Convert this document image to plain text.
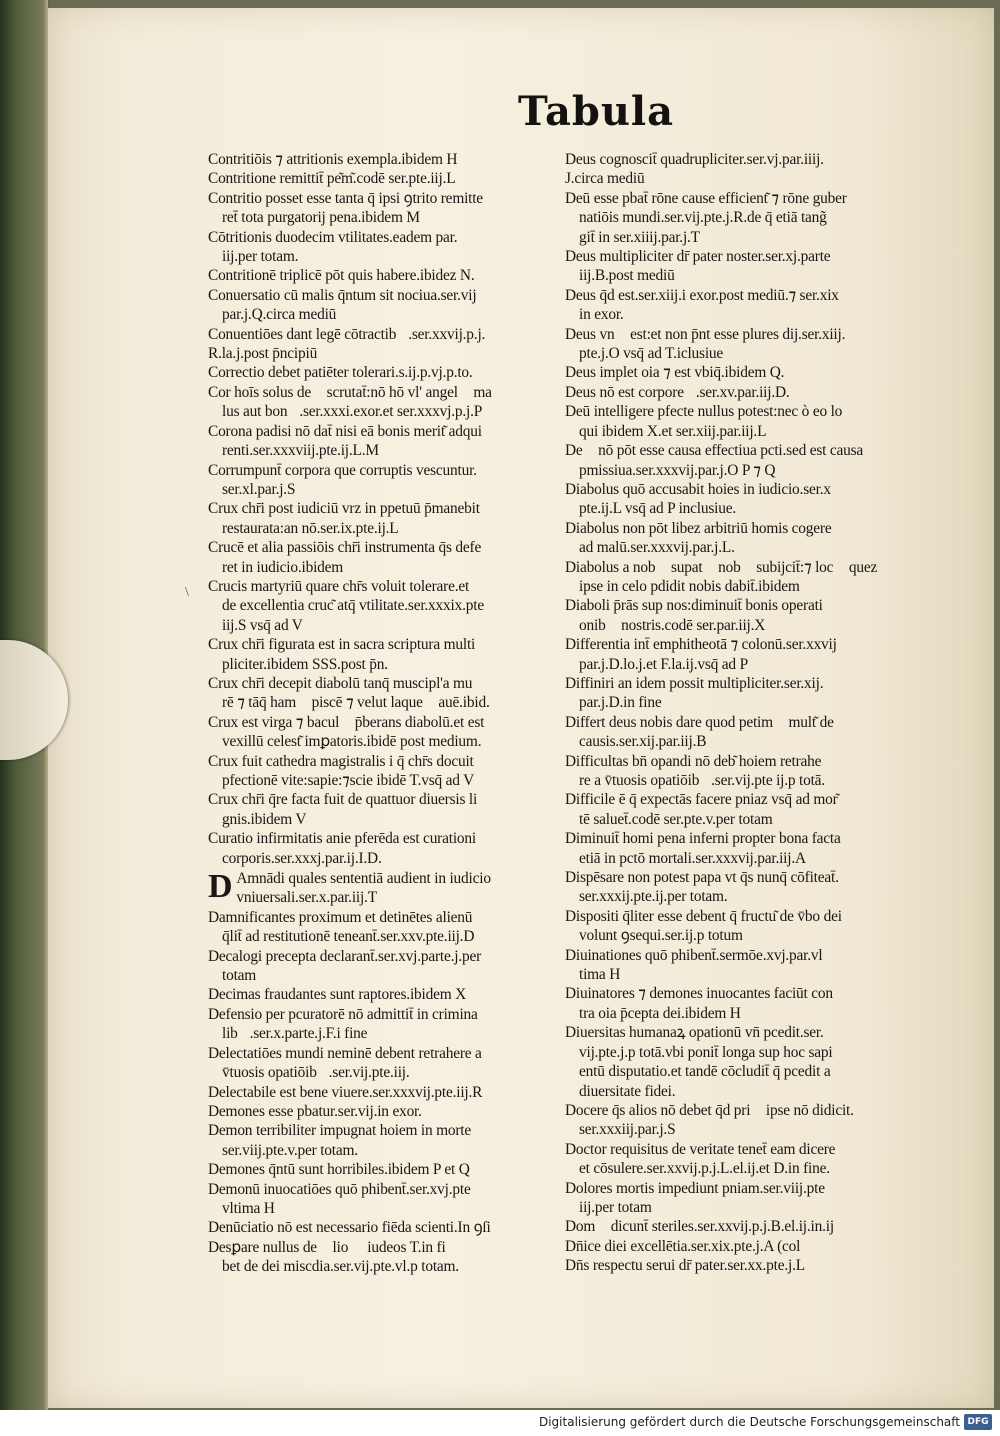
Tabula
Contritiōis ⁊ attritionis exempla.ibidem H
Contritione remittit̄ pe͂m͂.codē ser.pte.iij.L
Contritio posset esse tanta q̄ ipsi ꝯtrito remitte
ret̄ tota purgatorij pena.ibidem M
Cōtritionis duodecim vtilitates.eadem par.
iij.per totam.
Contritionē triplicē pōt quis habere.ibidez N.
Conuersatio cū malis q̄ntum sit nociua.ser.vij
par.j.Q.circa mediū
Conuentiōes dant legē cōtractib᷑.ser.xxvij.p.j.
R.la.j.post p̄ncipiū
Correctio debet patiēter tolerari.s.ij.p.vj.p.to.
Cor hoīs solus de᷒ scrutat̄:nō hō vl' angel᷒ ma
lus aut bon᷒.ser.xxxi.exor.et ser.xxxvj.p.j.P
Corona padisi nō dat̄ nisi eā bonis merit͂ adqui
renti.ser.xxxviij.pte.ij.L.M
Corrumpunt̄ corpora que corruptis vescuntur.
ser.xl.par.j.S
Crux chr̄i post iudiciū vrz in ppetuū p̄manebit
restaurata:an nō.ser.ix.pte.ij.L
Crucē et alia passiōis chr̄i instrumenta q̄s defe
ret in iudicio.ibidem
Crucis martyriū quare chr̄s voluit tolerare.et
de excellentia cruc͂ atq̄ vtilitate.ser.xxxix.pte
iij.S vsq̄ ad V
Crux chr̄i figurata est in sacra scriptura multi
pliciter.ibidem SSS.post p̄n.
Crux chr̄i decepit diabolū tanq̄ muscipl'a mu
rē ⁊ tāq̄ ham᷒ piscē ⁊ velut laque᷒ auē.ibid.
Crux est virga ⁊ bacul᷒ p̄berans diabolū.et est
vexillū celest͂ imꝑatoris.ibidē post medium.
Crux fuit cathedra magistralis i q̄ chr̄s docuit
pfectionē vite:sapie:⁊scie ibidē T.vsq̄ ad V
Crux chr̄i q̄re facta fuit de quattuor diuersis li
gnis.ibidem V
Curatio infirmitatis anie pferēda est curationi
corporis.ser.xxxj.par.ij.I.D.
D Amnādi quales sententiā audient in iudicio
vniuersali.ser.x.par.iij.T
Damnificantes proximum et detinētes alienū
q̄lit̄ ad restitutionē teneant̄.ser.xxv.pte.iij.D
Decalogi precepta declarant̄.ser.xvj.parte.j.per
totam
Decimas fraudantes sunt raptores.ibidem X
Defensio per pcuratorē nō admittit̄ in crimina
lib᷑.ser.x.parte.j.F.i fine
Delectatiōes mundi neminē debent retrahere a
v̄tuosis opatiōib᷑.ser.vij.pte.iij.
Delectabile est bene viuere.ser.xxxvij.pte.iij.R
Demones esse pbatur.ser.vij.in exor.
Demon terribiliter impugnat hoiem in morte
ser.viij.pte.v.per totam.
Demones q̄ntū sunt horribiles.ibidem P et Q
Demonū inuocatiōes quō phibent̄.ser.xvj.pte
vltima H
Denūciatio nō est necessario fiēda scienti.In ꝯſi
Desꝑare nullus de᷒ lio ꝯ iudeos T.in fi
bet de dei miscdia.ser.vij.pte.vl.p totam.
Deus cognoscit̄ quadrupliciter.ser.vj.par.iiij.
J.circa mediū
Deū esse pbat̄ rōne cause efficient͂ ⁊ rōne guber
natiōis mundi.ser.vij.pte.j.R.de q̄ etiā tang̃
git̄ in ser.xiiij.par.j.T
Deus multipliciter dr̄ pater noster.ser.xj.parte
iij.B.post mediū
Deus q̄d est.ser.xiij.i exor.post mediū.⁊ ser.xix
in exor.
Deus vn᷒ est:et non p̄nt esse plures dij.ser.xiij.
pte.j.O vsq̄ ad T.iclusiue
Deus implet oia ⁊ est vbiq̄.ibidem Q.
Deus nō est corpore᷒.ser.xv.par.iij.D.
Deū intelligere pfecte nullus potest:nec ò eo lo
qui ibidem X.et ser.xiij.par.iij.L
De᷒ nō pōt esse causa effectiua pcti.sed est causa
pmissiua.ser.xxxvij.par.j.O P ⁊ Q
Diabolus quō accusabit hoies in iudicio.ser.x
pte.ij.L vsq̄ ad P inclusiue.
Diabolus non pōt libez arbitriū homis cogere
ad malū.ser.xxxvij.par.j.L.
Diabolus a nob᷑ supat᷒ nob᷑ subijcit̄:⁊ loc᷒ quez
ipse in celo pdidit nobis dabit̄.ibidem
Diaboli p̄rās sup nos:diminuit̄ bonis operati
onib᷑ nostris.codē ser.par.iij.X
Differentia int̄ emphitheotā ⁊ colonū.ser.xxvij
par.j.D.lo.j.et F.la.ij.vsq̄ ad P
Diffiniri an idem possit multipliciter.ser.xij.
par.j.D.in fine
Differt deus nobis dare quod petim᷒ mult͂ de
causis.ser.xij.par.iij.B
Difficultas bn̄ opandi nō deb͂ hoiem retrahe
re a v̄tuosis opatiōib᷑.ser.vij.pte ij.p totā.
Difficile ē q̄ expectās facere pniaz vsq̄ ad mor͂
tē saluet̄.codē ser.pte.v.per totam
Diminuit̄ homi pena inferni propter bona facta
etiā in pctō mortali.ser.xxxvij.par.iij.A
Dispēsare non potest papa vt q̄s nunq̄ cōfiteat̄.
ser.xxxij.pte.ij.per totam.
Dispositi q̄liter esse debent q̄ fructu͂ de v̄bo dei
volunt ꝯsequi.ser.ij.p totum
Diuinationes quō phibent̄.sermōe.xvj.par.vl
tima H
Diuinatores ⁊ demones inuocantes faciūt con
tra oia p̄cepta dei.ibidem H
Diuersitas humanaꝝ opationū vn̄ pcedit.ser.
vij.pte.j.p totā.vbi ponit̄ longa sup hoc sapi
entū disputatio.et tandē cōcludit̄ q̄ pcedit a
diuersitate fidei.
Docere q̄s alios nō debet q̄d pri᷒ ipse nō didicit.
ser.xxxiij.par.j.S
Doctor requisitus de veritate tenet̄ eam dicere
et cōsulere.ser.xxvij.p.j.L.el.ij.et D.in fine.
Dolores mortis impediunt pniam.ser.viij.pte
iij.per totam
Dom᷒ dicunt̄ steriles.ser.xxvij.p.j.B.el.ij.in.ij
Dn̄ice diei excellētia.ser.xix.pte.j.A (col
Dn̄s respectu serui dr̄ pater.ser.xx.pte.j.L
\
Digitalisierung gefördert durch die Deutsche Forschungsgemeinschaft DFG
